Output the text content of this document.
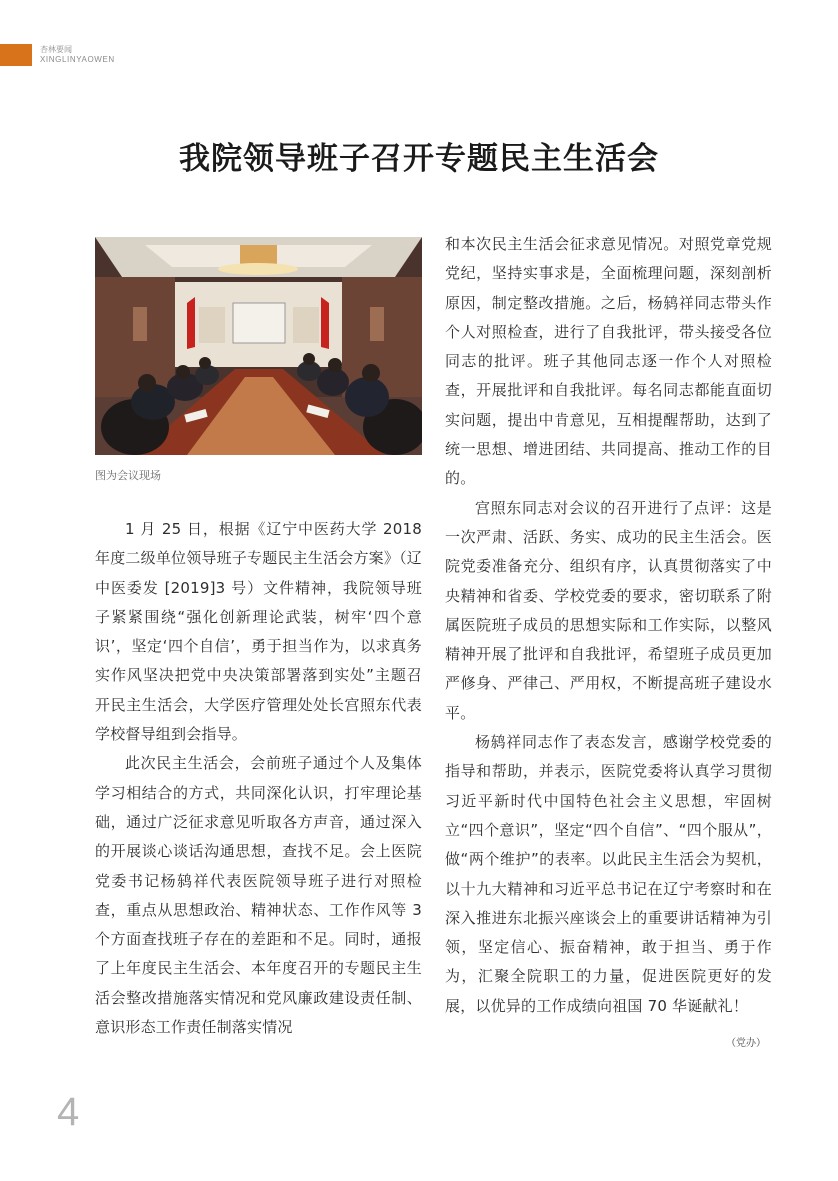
杏林要闻
XINGLINYAOWEN
我院领导班子召开专题民主生活会
图为会议现场

1 月 25 日，根据《辽宁中医药大学 2018 年度二级单位领导班子专题民主生活会方案》（辽中医委发 [2019]3 号）文件精神，我院领导班子紧紧围绕“强化创新理论武装，树牢‘四个意识’，坚定‘四个自信’，勇于担当作为，以求真务实作风坚决把党中央决策部署落到实处”主题召开民主生活会，大学医疗管理处处长宫照东代表学校督导组到会指导。

此次民主生活会，会前班子通过个人及集体学习相结合的方式，共同深化认识，打牢理论基础，通过广泛征求意见听取各方声音，通过深入的开展谈心谈话沟通思想，查找不足。会上医院党委书记杨鸫祥代表医院领导班子进行对照检查，重点从思想政治、精神状态、工作作风等 3 个方面查找班子存在的差距和不足。同时，通报了上年度民主生活会、本年度召开的专题民主生活会整改措施落实情况和党风廉政建设责任制、意识形态工作责任制落实情况

和本次民主生活会征求意见情况。对照党章党规党纪，坚持实事求是，全面梳理问题，深刻剖析原因，制定整改措施。之后，杨鸫祥同志带头作个人对照检查，进行了自我批评，带头接受各位同志的批评。班子其他同志逐一作个人对照检查，开展批评和自我批评。每名同志都能直面切实问题，提出中肯意见，互相提醒帮助，达到了统一思想、增进团结、共同提高、推动工作的目的。

宫照东同志对会议的召开进行了点评：这是一次严肃、活跃、务实、成功的民主生活会。医院党委准备充分、组织有序，认真贯彻落实了中央精神和省委、学校党委的要求，密切联系了附属医院班子成员的思想实际和工作实际，以整风精神开展了批评和自我批评，希望班子成员更加严修身、严律己、严用权，不断提高班子建设水平。

杨鸫祥同志作了表态发言，感谢学校党委的指导和帮助，并表示，医院党委将认真学习贯彻习近平新时代中国特色社会主义思想，牢固树立“四个意识”，坚定“四个自信”、“四个服从”，做“两个维护”的表率。以此民主生活会为契机，以十九大精神和习近平总书记在辽宁考察时和在深入推进东北振兴座谈会上的重要讲话精神为引领，坚定信心、振奋精神，敢于担当、勇于作为，汇聚全院职工的力量，促进医院更好的发展，以优异的工作成绩向祖国 70 华诞献礼！

（党办）
4
